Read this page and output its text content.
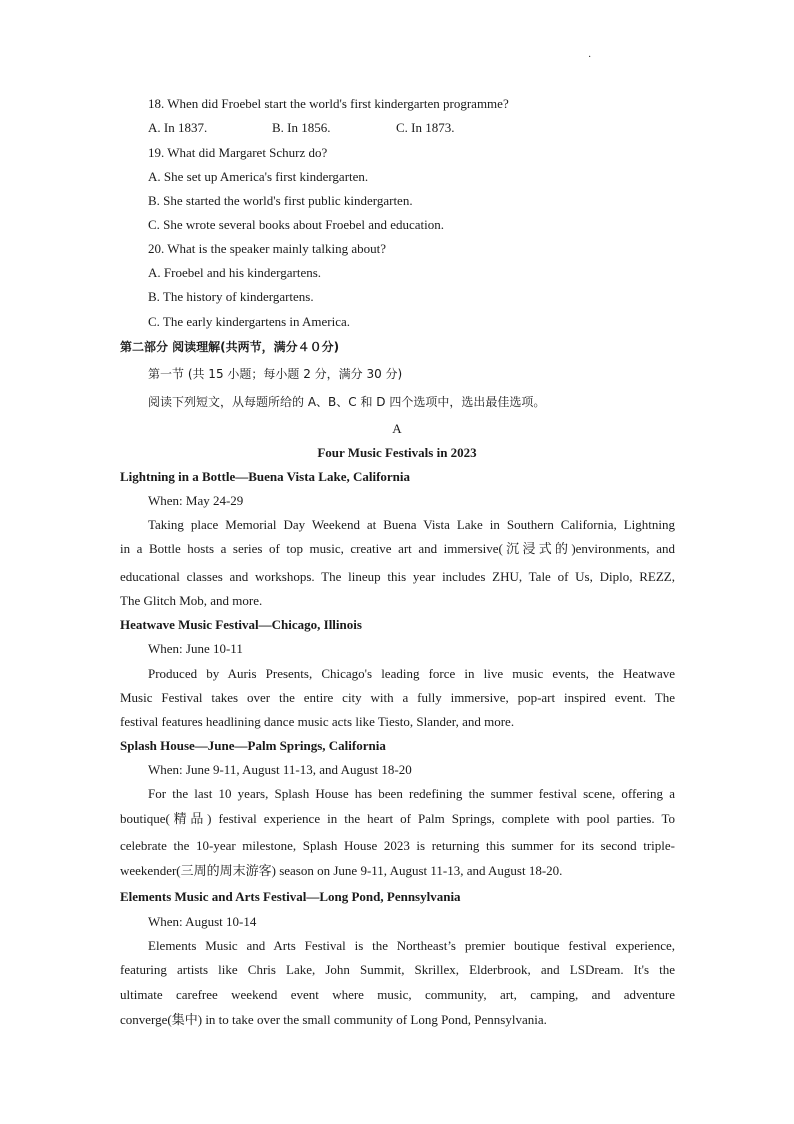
·
18. When did Froebel start the world's first kindergarten programme?
A. In 1837.	B. In 1856.	C. In 1873.
19. What did Margaret Schurz do?
A. She set up America's first kindergarten.
B. She started the world's first public kindergarten.
C. She wrote several books about Froebel and education.
20. What is the speaker mainly talking about?
A. Froebel and his kindergartens.
B. The history of kindergartens.
C. The early kindergartens in America.
第二部分 阅读理解(共两节，满分４０分)
第一节 (共 15 小题；每小题 2 分，满分 30 分)
阅读下列短文，从每题所给的 A、B、C 和 D 四个选项中，选出最佳选项。
A
Four Music Festivals in 2023
Lightning in a Bottle—Buena Vista Lake, California
When: May 24-29
Taking place Memorial Day Weekend at Buena Vista Lake in Southern California, Lightning
in a Bottle hosts a series of top music, creative art and immersive(沉浸式的)environments, and
educational classes and workshops. The lineup this year includes ZHU, Tale of Us, Diplo, REZZ,
The Glitch Mob, and more.
Heatwave Music Festival—Chicago, Illinois
When: June 10-11
Produced by Auris Presents, Chicago's leading force in live music events, the Heatwave
Music Festival takes over the entire city with a fully immersive, pop-art inspired event. The
festival features headlining dance music acts like Tiesto, Slander, and more.
Splash House—June—Palm Springs, California
When: June 9-11, August 11-13, and August 18-20
For the last 10 years, Splash House has been redefining the summer festival scene, offering a
boutique(精品) festival experience in the heart of Palm Springs, complete with pool parties. To
celebrate the 10-year milestone, Splash House 2023 is returning this summer for its second triple-
weekender(三周的周末游客) season on June 9-11, August 11-13, and August 18-20.
Elements Music and Arts Festival—Long Pond, Pennsylvania
When: August 10-14
Elements Music and Arts Festival is the Northeast’s premier boutique festival experience,
featuring artists like Chris Lake, John Summit, Skrillex, Elderbrook, and LSDream. It's the
ultimate carefree weekend event where music, community, art, camping, and adventure
converge(集中) in to take over the small community of Long Pond, Pennsylvania.
